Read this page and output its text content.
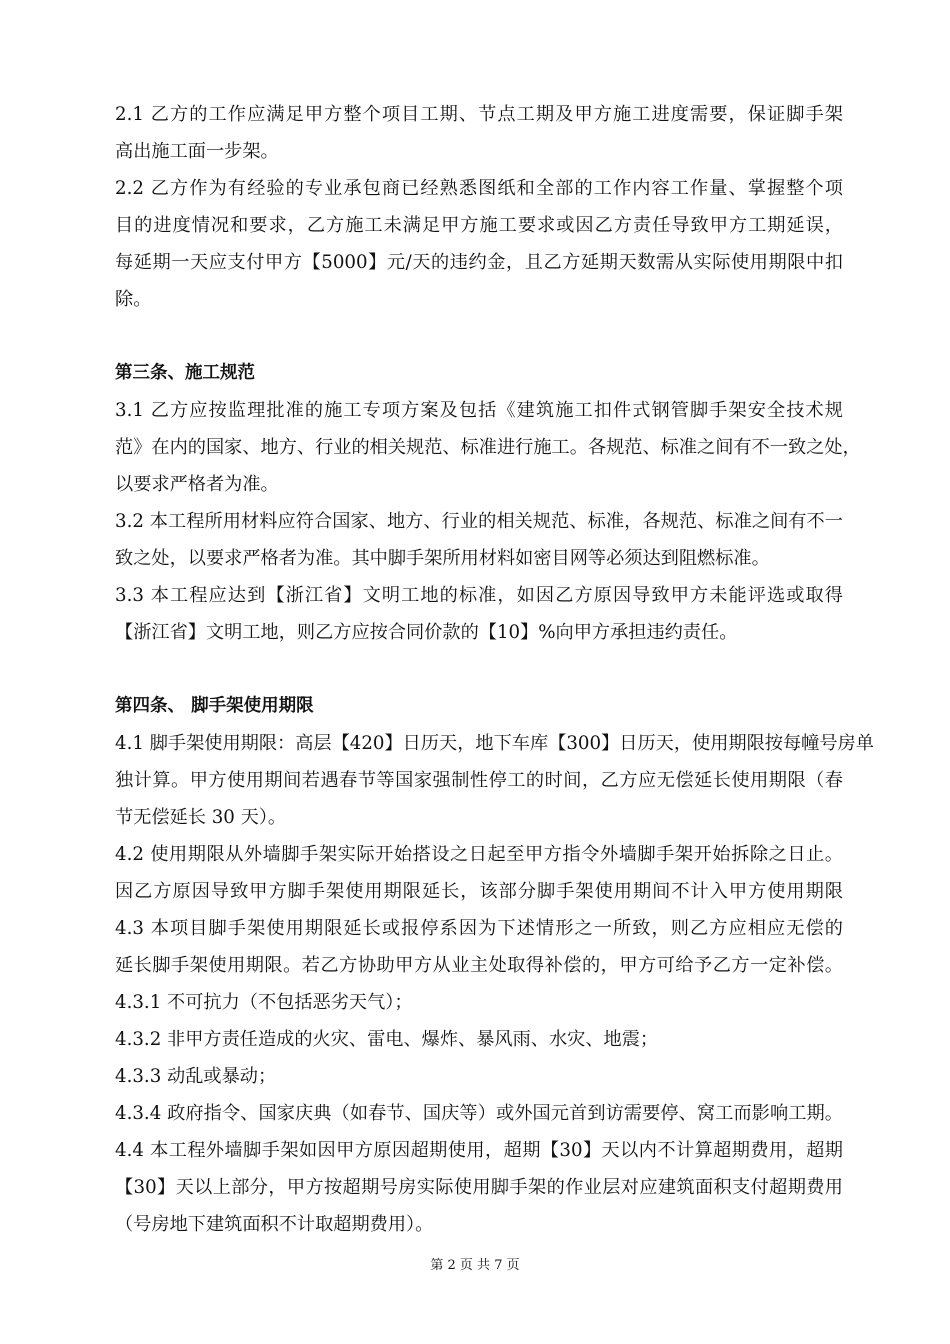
2.1 乙方的工作应满足甲方整个项目工期、节点工期及甲方施工进度需要，保证脚手架
高出施工面一步架。
2.2 乙方作为有经验的专业承包商已经熟悉图纸和全部的工作内容工作量、掌握整个项
目的进度情况和要求，乙方施工未满足甲方施工要求或因乙方责任导致甲方工期延误，
每延期一天应支付甲方【5000】元/天的违约金，且乙方延期天数需从实际使用期限中扣
除。
第三条、施工规范
3.1 乙方应按监理批准的施工专项方案及包括《建筑施工扣件式钢管脚手架安全技术规
范》在内的国家、地方、行业的相关规范、标准进行施工。各规范、标准之间有不一致之处，
以要求严格者为准。
3.2 本工程所用材料应符合国家、地方、行业的相关规范、标准，各规范、标准之间有不一
致之处，以要求严格者为准。其中脚手架所用材料如密目网等必须达到阻燃标准。
3.3 本工程应达到【浙江省】文明工地的标准，如因乙方原因导致甲方未能评选或取得
【浙江省】文明工地，则乙方应按合同价款的【10】%向甲方承担违约责任。
第四条、 脚手架使用期限
4.1 脚手架使用期限：高层【420】日历天，地下车库【300】日历天，使用期限按每幢号房单
独计算。甲方使用期间若遇春节等国家强制性停工的时间，乙方应无偿延长使用期限（春
节无偿延长 30 天）。
4.2 使用期限从外墙脚手架实际开始搭设之日起至甲方指令外墙脚手架开始拆除之日止。
因乙方原因导致甲方脚手架使用期限延长，该部分脚手架使用期间不计入甲方使用期限
4.3 本项目脚手架使用期限延长或报停系因为下述情形之一所致，则乙方应相应无偿的
延长脚手架使用期限。若乙方协助甲方从业主处取得补偿的，甲方可给予乙方一定补偿。
4.3.1 不可抗力（不包括恶劣天气）；
4.3.2 非甲方责任造成的火灾、雷电、爆炸、暴风雨、水灾、地震；
4.3.3 动乱或暴动；
4.3.4 政府指令、国家庆典（如春节、国庆等）或外国元首到访需要停、窝工而影响工期。
4.4 本工程外墙脚手架如因甲方原因超期使用，超期【30】天以内不计算超期费用，超期
【30】天以上部分，甲方按超期号房实际使用脚手架的作业层对应建筑面积支付超期费用
（号房地下建筑面积不计取超期费用）。
第 2 页 共 7 页
